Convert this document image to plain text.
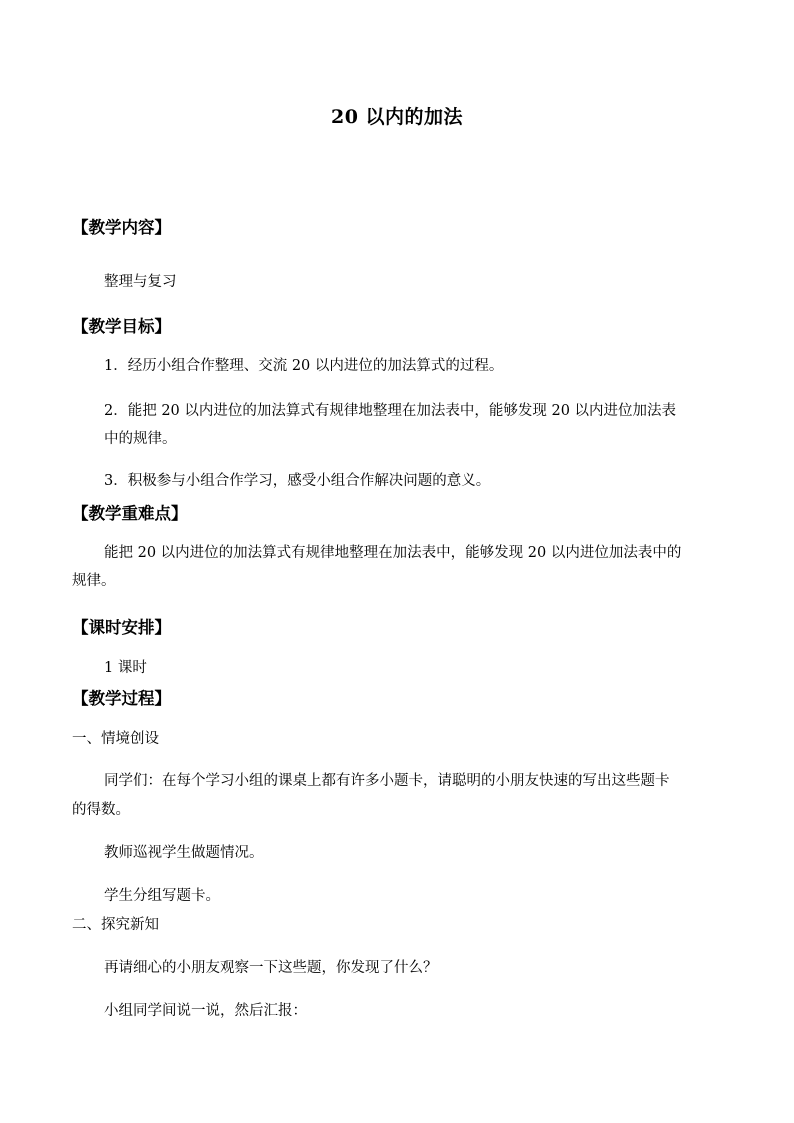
20 以内的加法
【教学内容】
整理与复习
【教学目标】
1．经历小组合作整理、交流 20 以内进位的加法算式的过程。
2．能把 20 以内进位的加法算式有规律地整理在加法表中，能够发现 20 以内进位加法表
中的规律。
3．积极参与小组合作学习，感受小组合作解决问题的意义。
【教学重难点】
能把 20 以内进位的加法算式有规律地整理在加法表中，能够发现 20 以内进位加法表中的
规律。
【课时安排】
1 课时
【教学过程】
一、情境创设
同学们：在每个学习小组的课桌上都有许多小题卡，请聪明的小朋友快速的写出这些题卡
的得数。
教师巡视学生做题情况。
学生分组写题卡。
二、探究新知
再请细心的小朋友观察一下这些题，你发现了什么？
小组同学间说一说，然后汇报：
